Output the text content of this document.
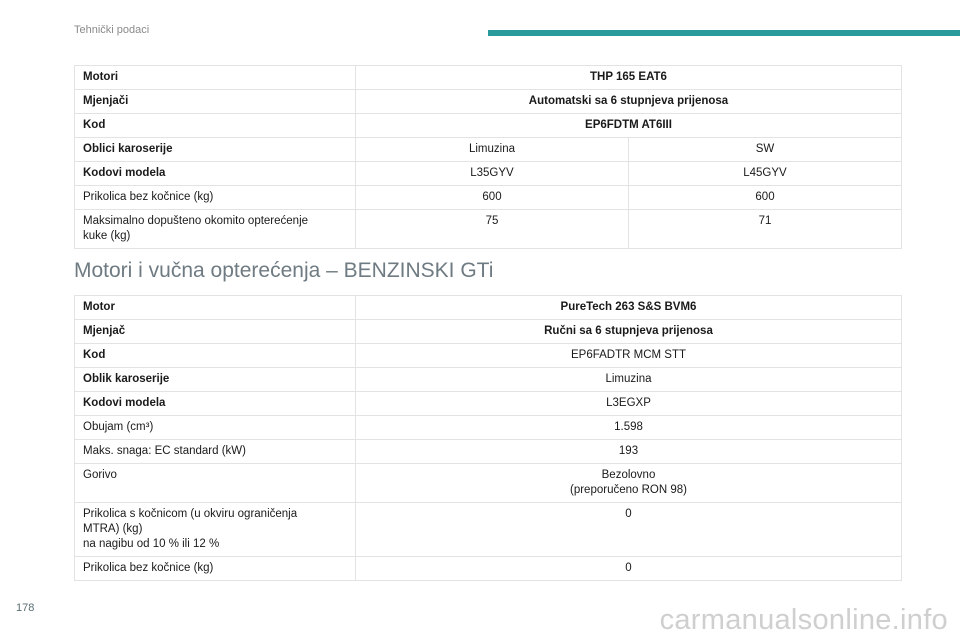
Tehnički podaci
Motori	THP 165 EAT6	
Mjenjači	Automatski sa 6 stupnjeva prijenosa	
Kod	EP6FDTM AT6III	
Oblici karoserije	Limuzina	SW
Kodovi modela	L35GYV	L45GYV
Prikolica bez kočnice (kg)	600	600
Maksimalno dopušteno okomito opterećenje
kuke (kg)	75	71
Motori i vučna opterećenja – BENZINSKI GTi
Motor	PureTech 263 S&S BVM6
Mjenjač	Ručni sa 6 stupnjeva prijenosa
Kod	EP6FADTR MCM STT
Oblik karoserije	Limuzina
Kodovi modela	L3EGXP
Obujam (cm³)	1.598
Maks. snaga: EC standard (kW)	193
Gorivo	Bezolovno
(preporučeno RON 98)
Prikolica s kočnicom (u okviru ograničenja
MTRA) (kg)
na nagibu od 10 % ili 12 %	0
Prikolica bez kočnice (kg)	0
178	carmanualsonline.info
